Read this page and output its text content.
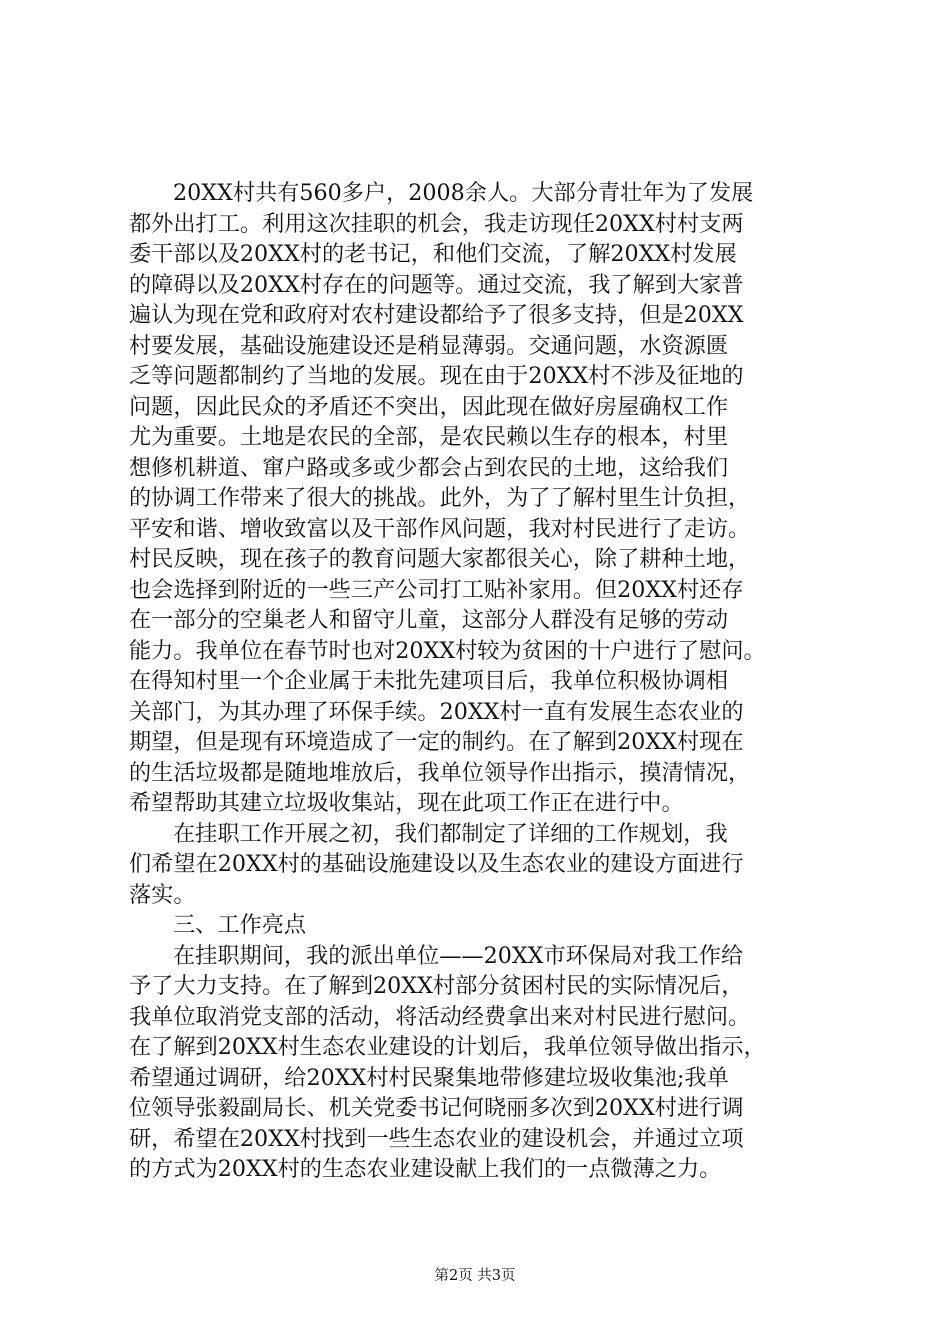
20XX村共有560多户，2008余人。大部分青壮年为了发展
都外出打工。利用这次挂职的机会，我走访现任20XX村村支两
委干部以及20XX村的老书记，和他们交流，了解20XX村发展
的障碍以及20XX村存在的问题等。通过交流，我了解到大家普
遍认为现在党和政府对农村建设都给予了很多支持，但是20XX
村要发展，基础设施建设还是稍显薄弱。交通问题，水资源匮
乏等问题都制约了当地的发展。现在由于20XX村不涉及征地的
问题，因此民众的矛盾还不突出，因此现在做好房屋确权工作
尤为重要。土地是农民的全部，是农民赖以生存的根本，村里
想修机耕道、窜户路或多或少都会占到农民的土地，这给我们
的协调工作带来了很大的挑战。此外，为了了解村里生计负担，
平安和谐、增收致富以及干部作风问题，我对村民进行了走访。
村民反映，现在孩子的教育问题大家都很关心，除了耕种土地，
也会选择到附近的一些三产公司打工贴补家用。但20XX村还存
在一部分的空巢老人和留守儿童，这部分人群没有足够的劳动
能力。我单位在春节时也对20XX村较为贫困的十户进行了慰问。
在得知村里一个企业属于未批先建项目后，我单位积极协调相
关部门，为其办理了环保手续。20XX村一直有发展生态农业的
期望，但是现有环境造成了一定的制约。在了解到20XX村现在
的生活垃圾都是随地堆放后，我单位领导作出指示，摸清情况，
希望帮助其建立垃圾收集站，现在此项工作正在进行中。
在挂职工作开展之初，我们都制定了详细的工作规划，我
们希望在20XX村的基础设施建设以及生态农业的建设方面进行
落实。
三、工作亮点
在挂职期间，我的派出单位——20XX市环保局对我工作给
予了大力支持。在了解到20XX村部分贫困村民的实际情况后，
我单位取消党支部的活动，将活动经费拿出来对村民进行慰问。
在了解到20XX村生态农业建设的计划后，我单位领导做出指示，
希望通过调研，给20XX村村民聚集地带修建垃圾收集池;我单
位领导张毅副局长、机关党委书记何晓丽多次到20XX村进行调
研，希望在20XX村找到一些生态农业的建设机会，并通过立项
的方式为20XX村的生态农业建设献上我们的一点微薄之力。
第2页 共3页
